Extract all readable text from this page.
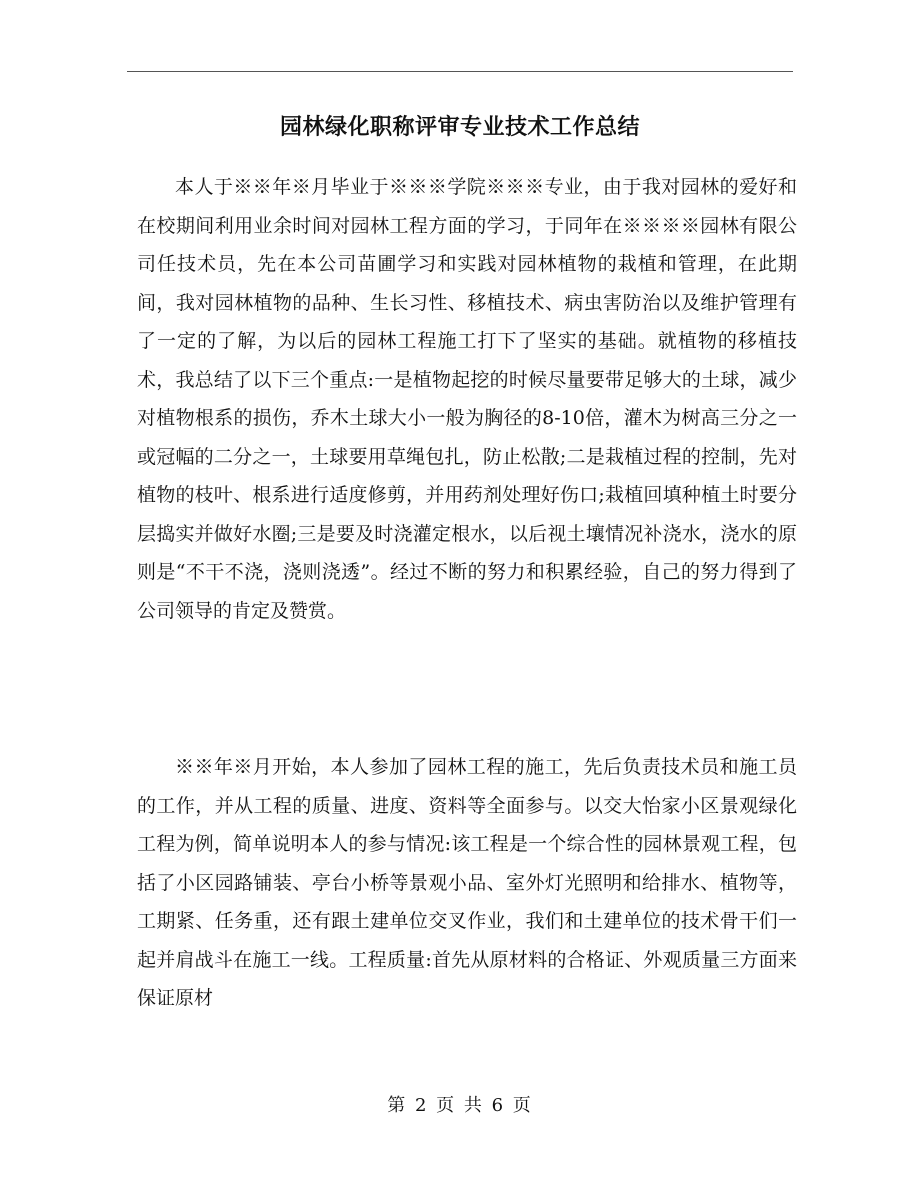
园林绿化职称评审专业技术工作总结

本人于※※年※月毕业于※※※学院※※※专业，由于我对园林的爱好和在校期间利用业余时间对园林工程方面的学习，于同年在※※※※园林有限公司任技术员，先在本公司苗圃学习和实践对园林植物的栽植和管理，在此期间，我对园林植物的品种、生长习性、移植技术、病虫害防治以及维护管理有了一定的了解，为以后的园林工程施工打下了坚实的基础。就植物的移植技术，我总结了以下三个重点:一是植物起挖的时候尽量要带足够大的土球，减少对植物根系的损伤，乔木土球大小一般为胸径的8-10倍，灌木为树高三分之一或冠幅的二分之一，土球要用草绳包扎，防止松散;二是栽植过程的控制，先对植物的枝叶、根系进行适度修剪，并用药剂处理好伤口;栽植回填种植土时要分层捣实并做好水圈;三是要及时浇灌定根水，以后视土壤情况补浇水，浇水的原则是“不干不浇，浇则浇透”。经过不断的努力和积累经验，自己的努力得到了公司领导的肯定及赞赏。

※※年※月开始，本人参加了园林工程的施工，先后负责技术员和施工员的工作，并从工程的质量、进度、资料等全面参与。以交大怡家小区景观绿化工程为例，简单说明本人的参与情况:该工程是一个综合性的园林景观工程，包括了小区园路铺装、亭台小桥等景观小品、室外灯光照明和给排水、植物等，工期紧、任务重，还有跟土建单位交叉作业，我们和土建单位的技术骨干们一起并肩战斗在施工一线。工程质量:首先从原材料的合格证、外观质量三方面来保证原材

第 2 页 共 6 页
